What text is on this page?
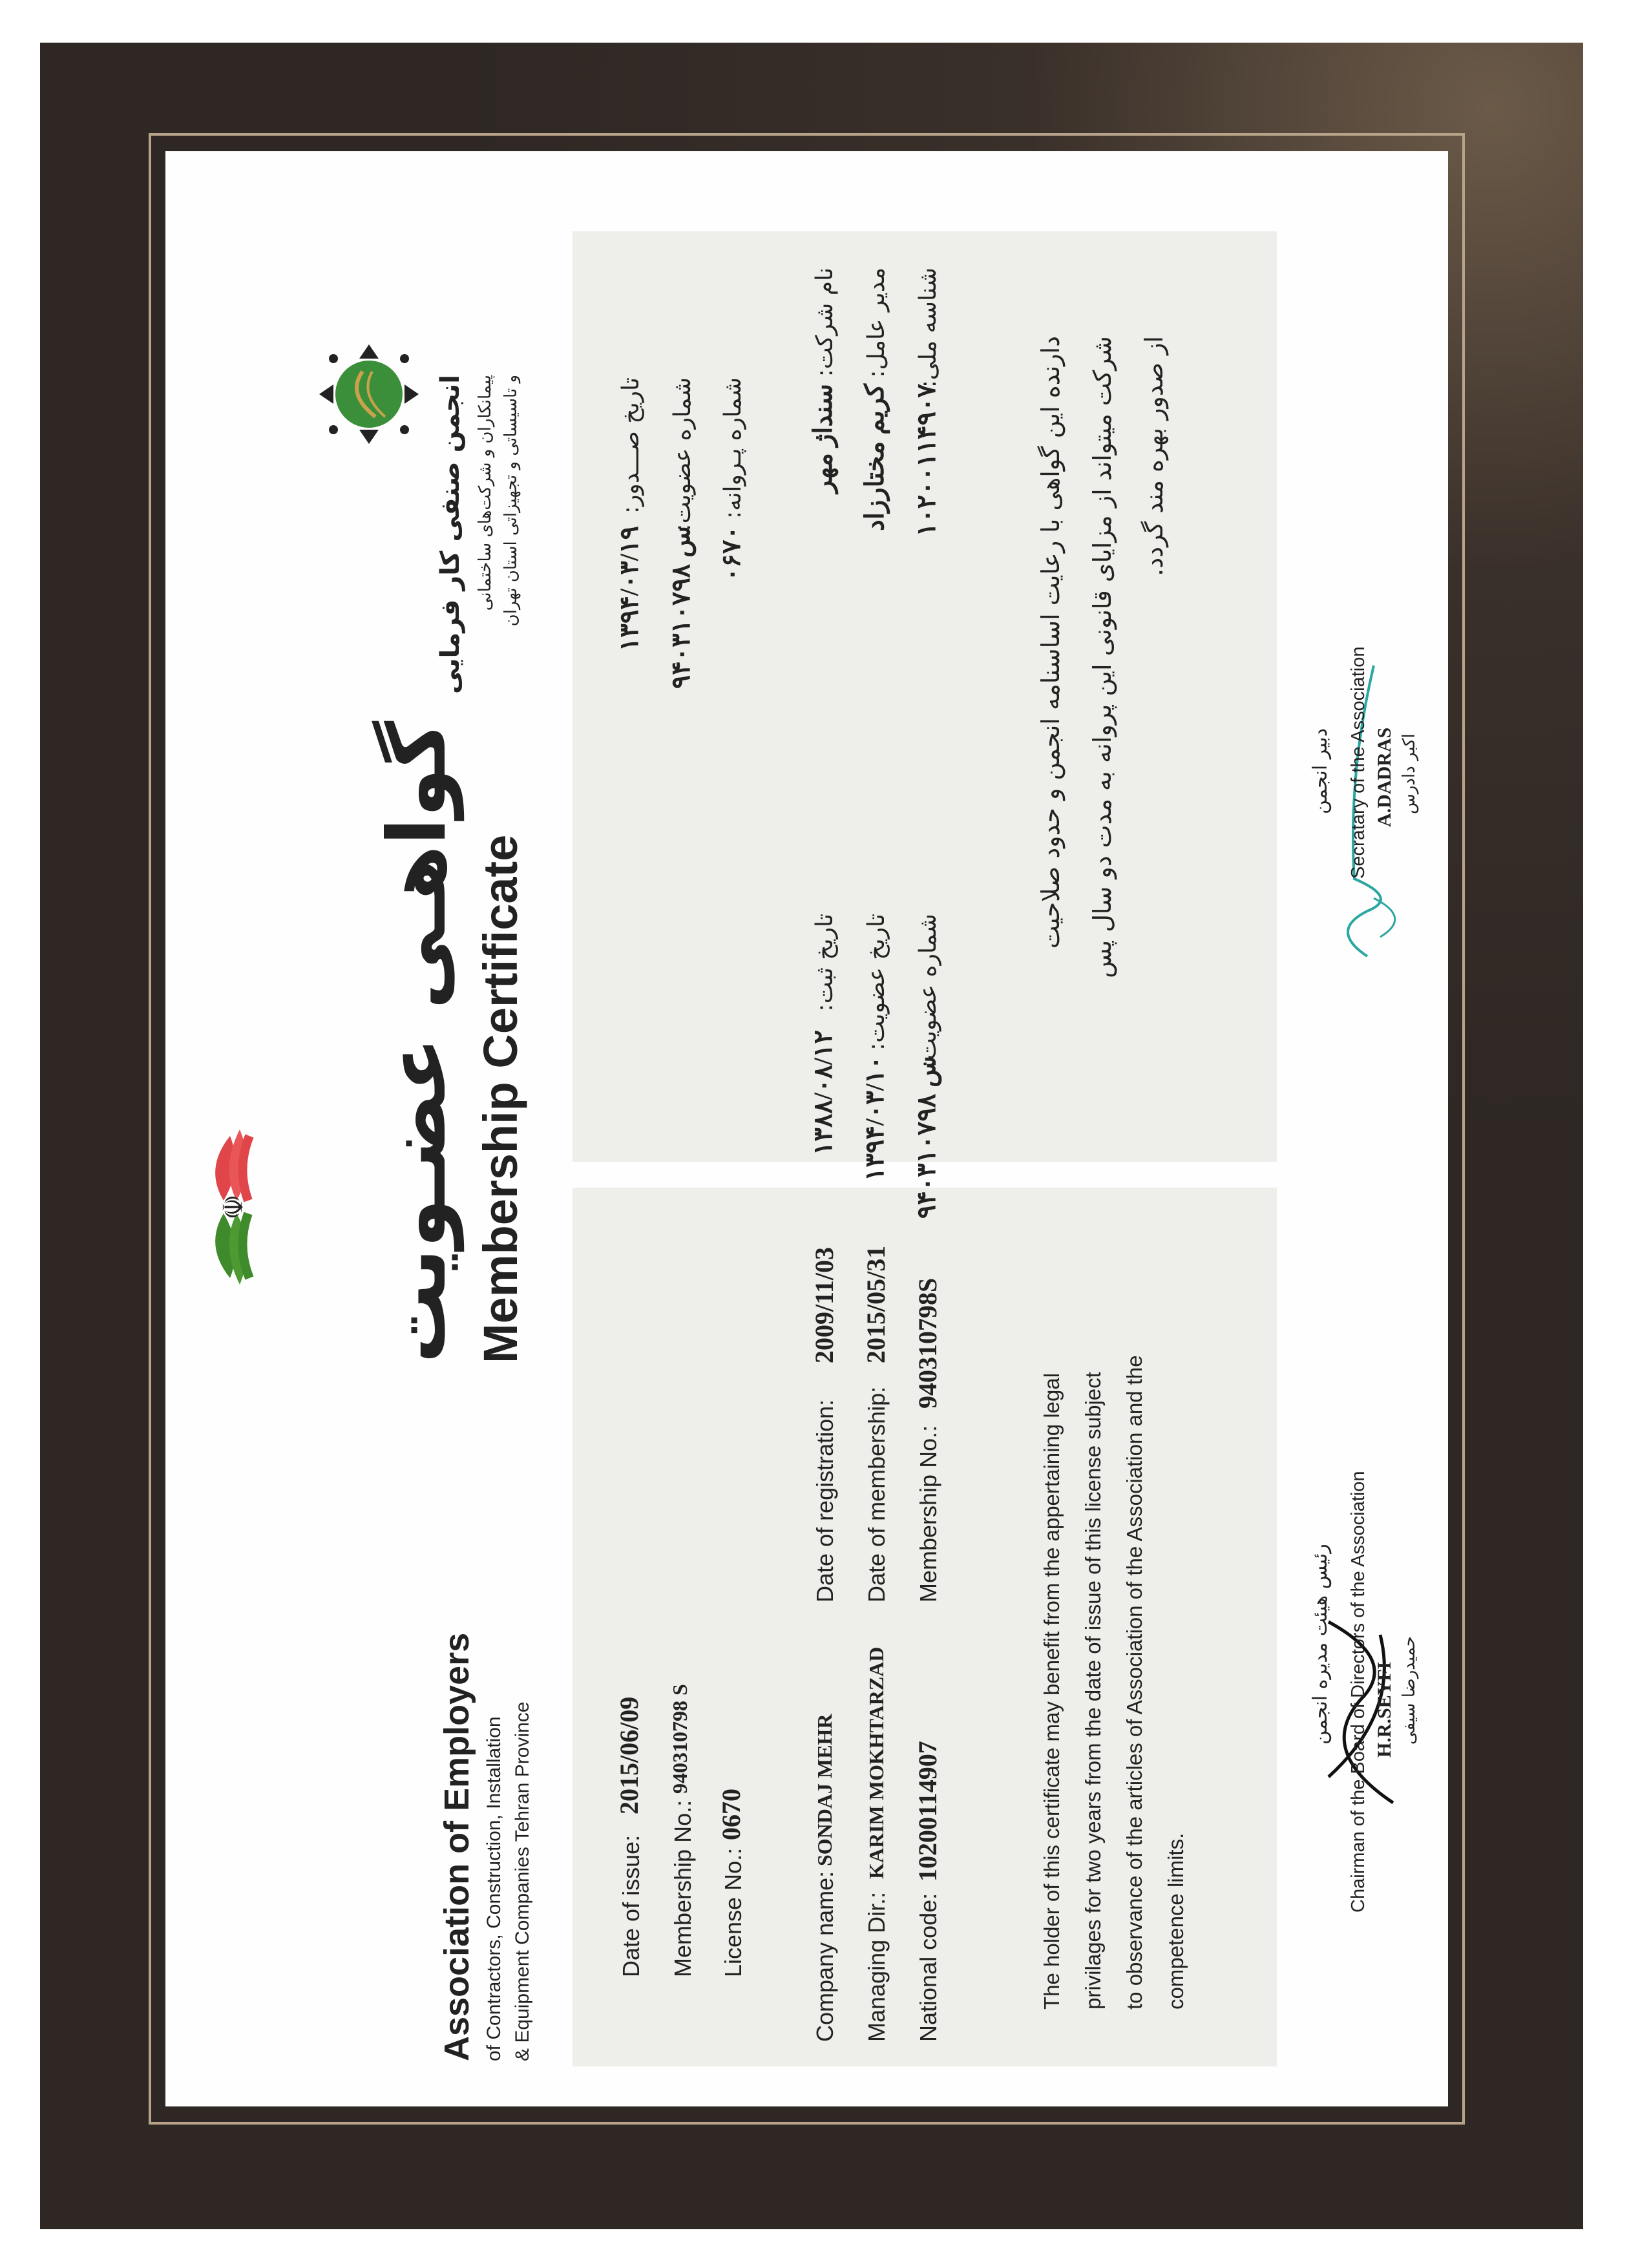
Association of Employers of Contractors, Construction, Installation & Equipment Companies Tehran Province
☫ گواهـی عضـویت Membership Certificate
انجمن صنفی کار فرمایی پیمانکاران و شرکت‌های ساختمانی و تاسیساتی و تجهیزاتی استان تهران
Date of issue:
2015/06/09
Membership No.:
940310798 S
License No.:
0670
تاریخ صـــدور:
۱۳۹۴/۰۳/۱۹
شماره عضویت:
س ۹۴۰۳۱۰۷۹۸
شماره پـروانه:
۰۶۷۰
Company name:
SONDAJ MEHR
Managing Dir.:
KARIM MOKHTARZAD
National code:
10200114907
Date of registration:
2009/11/03
Date of membership:
2015/05/31
Membership No.:
940310798S
تاریخ ثبت:
۱۳۸۸/۰۸/۱۲
تاریخ عضویت:
۱۳۹۴/۰۳/۱۰
شماره عضویت:
س ۹۴۰۳۱۰۷۹۸
نام شرکت:
سنداژ مهر
مدیر عامل:
کریم مختارزاد
شناسه ملی:
۱۰۲۰۰۱۱۴۹۰۷
The holder of this certificate may benefit from the appertaining legal privilages for two years from the date of issue of this license subject to observance of the articles of Association of the Association and the competence limits.
دارنده این گواهی با رعایت اساسنامه انجمن و حدود صلاحیت شرکت میتواند از مزایای قانونی این پروانه به مدت دو سال پس از صدور بهره مند گردد.
رئیس هیئت مدیره انجمن Chairman of the Board of Directors of the Association H.R.SEYFI حمیدرضا سیفی
دبیر انجمن Secratary of the Association A.DADRAS اکبر دادرس
